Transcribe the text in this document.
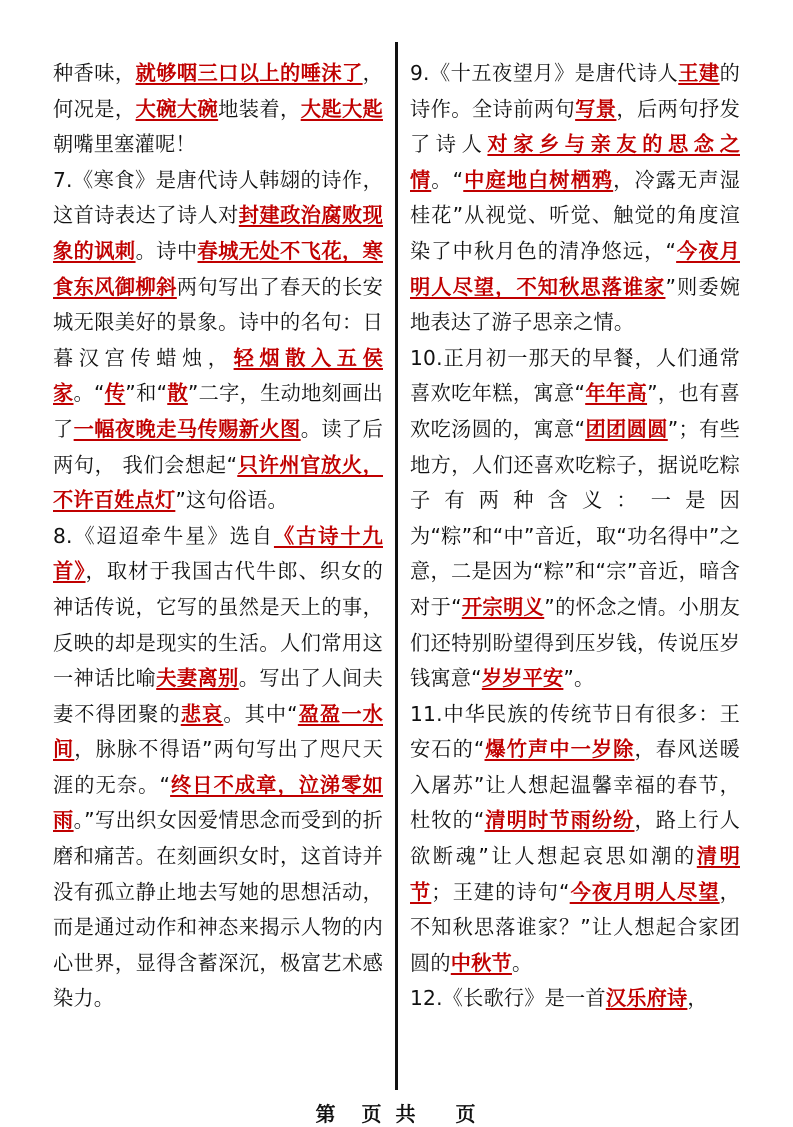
种香味，就够咽三口以上的唾沫了，何况是，大碗大碗地装着，大匙大匙朝嘴里塞灌呢！
7.《寒食》是唐代诗人韩翃的诗作，这首诗表达了诗人对封建政治腐败现象的讽刺。诗中春城无处不飞花，寒食东风御柳斜两句写出了春天的长安城无限美好的景象。诗中的名句：日暮汉宫传蜡烛，轻烟散入五侯家。“传”和“散”二字，生动地刻画出了一幅夜晚走马传赐新火图。读了后两句， 我们会想起“只许州官放火，不许百姓点灯”这句俗语。
8.《迢迢牵牛星》选自《古诗十九首》，取材于我国古代牛郎、织女的神话传说，它写的虽然是天上的事，反映的却是现实的生活。人们常用这一神话比喻夫妻离别。写出了人间夫妻不得团聚的悲哀。其中“盈盈一水间，脉脉不得语”两句写出了咫尺天涯的无奈。“终日不成章，泣涕零如雨。”写出织女因爱情思念而受到的折磨和痛苦。在刻画织女时，这首诗并没有孤立静止地去写她的思想活动，而是通过动作和神态来揭示人物的内心世界，显得含蓄深沉，极富艺术感染力。
9.《十五夜望月》是唐代诗人王建的诗作。全诗前两句写景，后两句抒发了诗人对家乡与亲友的思念之情。“中庭地白树栖鸦，冷露无声湿桂花”从视觉、听觉、触觉的角度渲染了中秋月色的清净悠远，“今夜月明人尽望，不知秋思落谁家”则委婉地表达了游子思亲之情。
10.正月初一那天的早餐，人们通常喜欢吃年糕，寓意“年年高”，也有喜欢吃汤圆的，寓意“团团圆圆”；有些地方，人们还喜欢吃粽子，据说吃粽子有两种含义：一是因为“粽”和“中”音近，取“功名得中”之意，二是因为“粽”和“宗”音近，暗含对于“开宗明义”的怀念之情。小朋友们还特别盼望得到压岁钱，传说压岁钱寓意“岁岁平安”。
11.中华民族的传统节日有很多：王安石的“爆竹声中一岁除，春风送暖入屠苏”让人想起温馨幸福的春节，杜牧的“清明时节雨纷纷，路上行人欲断魂”让人想起哀思如潮的清明节；王建的诗句“今夜月明人尽望，不知秋思落谁家？”让人想起合家团圆的中秋节。
12.《长歌行》是一首汉乐府诗，
第 页 共 页
